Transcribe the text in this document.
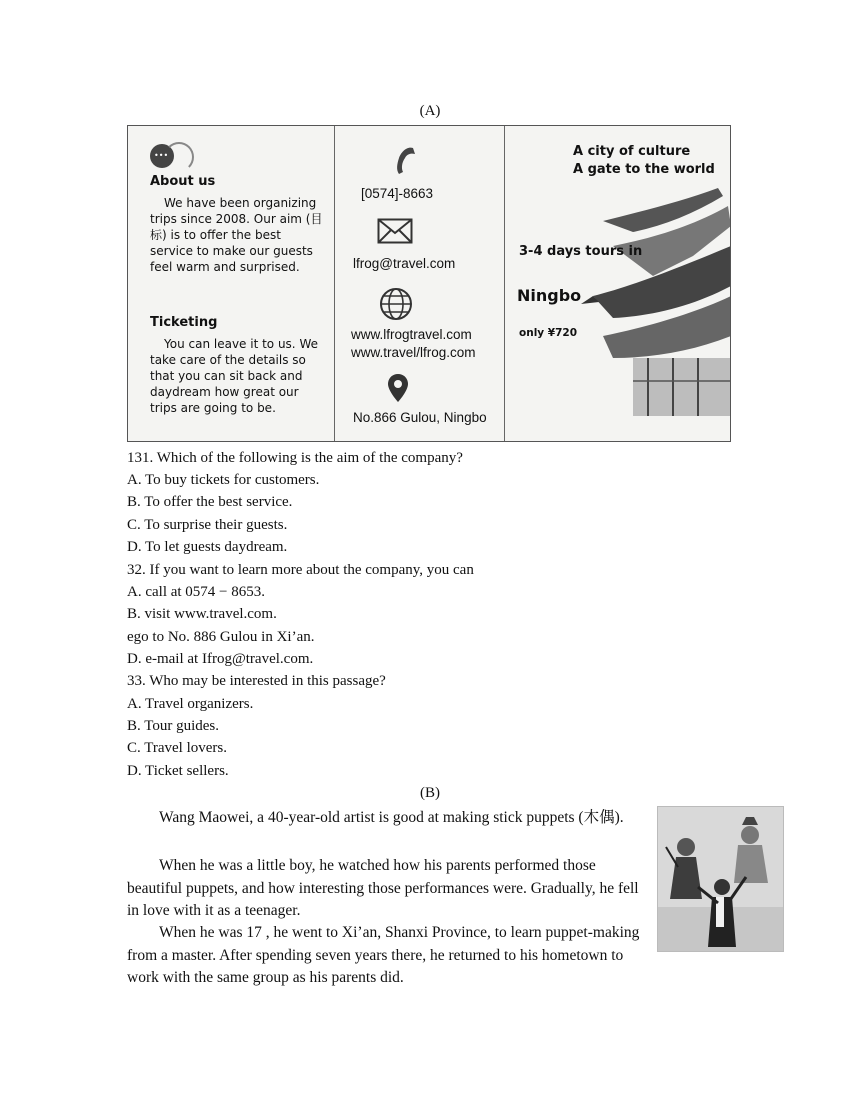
(A)
•••

About us

We have been organizing trips since 2008. Our aim (目标) is to offer the best service to make our guests feel warm and surprised.

Ticketing

You can leave it to us. We take care of the details so that you can sit back and daydream how great our trips are going to be.

[0574]-8663
lfrog@travel.com
www.lfrogtravel.com
www.travel/lfrog.com
No.866 Gulou, Ningbo
A city of culture
A gate to the world
3-4 days tours in
Ningbo
only ¥720
131. Which of the following is the aim of the company?
A. To buy tickets for customers.
B. To offer the best service.
C. To surprise their guests.
D. To let guests daydream.
32. If you want to learn more about the company, you can
A. call at 0574 − 8653.
B. visit www.travel.com.
ego to No. 886 Gulou in Xi’an.
D. e-mail at Ifrog@travel.com.
33. Who may be interested in this passage?
A. Travel organizers.
B. Tour guides.
C. Travel lovers.
D. Ticket sellers.
(B)

Wang Maowei, a 40-year-old artist is good at making stick puppets (木偶).

When he was a little boy, he watched how his parents performed those beautiful puppets, and how interesting those performances were. Gradually, he fell in love with it as a teenager.

When he was 17 , he went to Xi’an, Shanxi Province, to learn puppet-making from a master. After spending seven years there, he returned to his hometown to work with the same group as his parents did.
